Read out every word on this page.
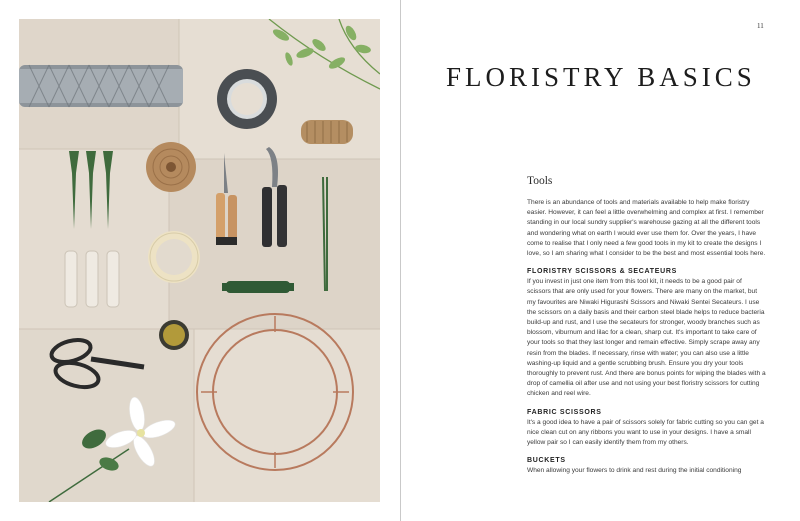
11
FLORISTRY BASICS
Tools

There is an abundance of tools and materials available to help make floristry easier. However, it can feel a little overwhelming and complex at first. I remember standing in our local sundry supplier's warehouse gazing at all the different tools and wondering what on earth I would ever use them for. Over the years, I have come to realise that I only need a few good tools in my kit to create the designs I love, so I am sharing what I consider to be the best and most essential tools here.

FLORISTRY SCISSORS & SECATEURS

If you invest in just one item from this tool kit, it needs to be a good pair of scissors that are only used for your flowers. There are many on the market, but my favourites are Niwaki Higurashi Scissors and Niwaki Sentei Secateurs. I use the scissors on a daily basis and their carbon steel blade helps to reduce bacteria build-up and rust, and I use the secateurs for stronger, woody branches such as blossom, viburnum and lilac for a clean, sharp cut. It's important to take care of your tools so that they last longer and remain effective. Simply scrape away any resin from the blades. If necessary, rinse with water; you can also use a little washing-up liquid and a gentle scrubbing brush. Ensure you dry your tools thoroughly to prevent rust. And there are bonus points for wiping the blades with a drop of camellia oil after use and not using your best floristry scissors for cutting chicken and reel wire.

FABRIC SCISSORS

It's a good idea to have a pair of scissors solely for fabric cutting so you can get a nice clean cut on any ribbons you want to use in your designs. I have a small yellow pair so I can easily identify them from my others.

BUCKETS

When allowing your flowers to drink and rest during the initial conditioning
